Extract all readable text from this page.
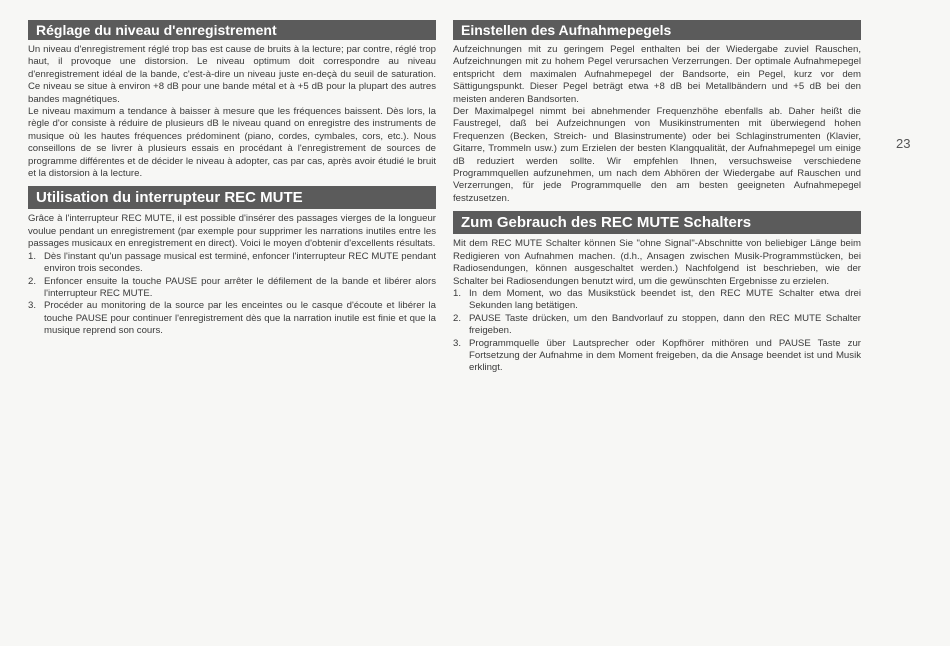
Réglage du niveau d'enregistrement

Un niveau d'enregistrement réglé trop bas est cause de bruits à la lecture; par contre, réglé trop haut, il provoque une distorsion. Le niveau optimum doit correspondre au niveau d'enregistrement idéal de la bande, c'est-à-dire un niveau juste en-deçà du seuil de saturation. Ce niveau se situe à environ +8 dB pour une bande métal et à +5 dB pour la plupart des autres bandes magnétiques.

Le niveau maximum a tendance à baisser à mesure que les fréquences baissent. Dès lors, la règle d'or consiste à réduire de plusieurs dB le niveau quand on enregistre des instruments de musique où les hautes fréquences prédominent (piano, cordes, cymbales, cors, etc.). Nous conseillons de se livrer à plusieurs essais en procédant à l'enregistrement de sources de programme différentes et de décider le niveau à adopter, cas par cas, après avoir étudié le bruit et la distorsion à la lecture.

Utilisation du interrupteur REC MUTE

Grâce à l'interrupteur REC MUTE, il est possible d'insérer des passages vierges de la longueur voulue pendant un enregistrement (par exemple pour supprimer les narrations inutiles entre les passages musicaux en enregistrement en direct). Voici le moyen d'obtenir d'excellents résultats.

1. Dès l'instant qu'un passage musical est terminé, enfoncer l'interrupteur REC MUTE pendant environ trois secondes.
2. Enfoncer ensuite la touche PAUSE pour arrêter le défilement de la bande et libérer alors l'interrupteur REC MUTE.
3. Procéder au monitoring de la source par les enceintes ou le casque d'écoute et libérer la touche PAUSE pour continuer l'enregistrement dès que la narration inutile est finie et que la musique reprend son cours.
Einstellen des Aufnahmepegels

Aufzeichnungen mit zu geringem Pegel enthalten bei der Wiedergabe zuviel Rauschen, Aufzeichnungen mit zu hohem Pegel verursachen Verzerrungen. Der optimale Aufnahmepegel entspricht dem maximalen Aufnahmepegel der Bandsorte, ein Pegel, kurz vor dem Sättigungspunkt. Dieser Pegel beträgt etwa +8 dB bei Metallbändern und +5 dB bei den meisten anderen Bandsorten.

Der Maximalpegel nimmt bei abnehmender Frequenzhöhe ebenfalls ab. Daher heißt die Faustregel, daß bei Aufzeichnungen von Musikinstrumenten mit überwiegend hohen Frequenzen (Becken, Streich- und Blasinstrumente) oder bei Schlaginstrumenten (Klavier, Gitarre, Trommeln usw.) zum Erzielen der besten Klangqualität, der Aufnahmepegel um einige dB reduziert werden sollte. Wir empfehlen Ihnen, versuchsweise verschiedene Programmquellen aufzunehmen, um nach dem Abhören der Wiedergabe auf Rauschen und Verzerrungen, für jede Programmquelle den am besten geeigneten Aufnahmepegel festzusetzen.

Zum Gebrauch des REC MUTE Schalters

Mit dem REC MUTE Schalter können Sie "ohne Signal"-Abschnitte von beliebiger Länge beim Redigieren von Aufnahmen machen. (d.h., Ansagen zwischen Musik-Programmstücken, bei Radiosendungen, können ausgeschaltet werden.) Nachfolgend ist beschrieben, wie der Schalter bei Radiosendungen benutzt wird, um die gewünschten Ergebnisse zu erzielen.

1. In dem Moment, wo das Musikstück beendet ist, den REC MUTE Schalter etwa drei Sekunden lang betätigen.
2. PAUSE Taste drücken, um den Bandvorlauf zu stoppen, dann den REC MUTE Schalter freigeben.
3. Programmquelle über Lautsprecher oder Kopfhörer mithören und PAUSE Taste zur Fortsetzung der Aufnahme in dem Moment freigeben, da die Ansage beendet ist und Musik erklingt.
23
